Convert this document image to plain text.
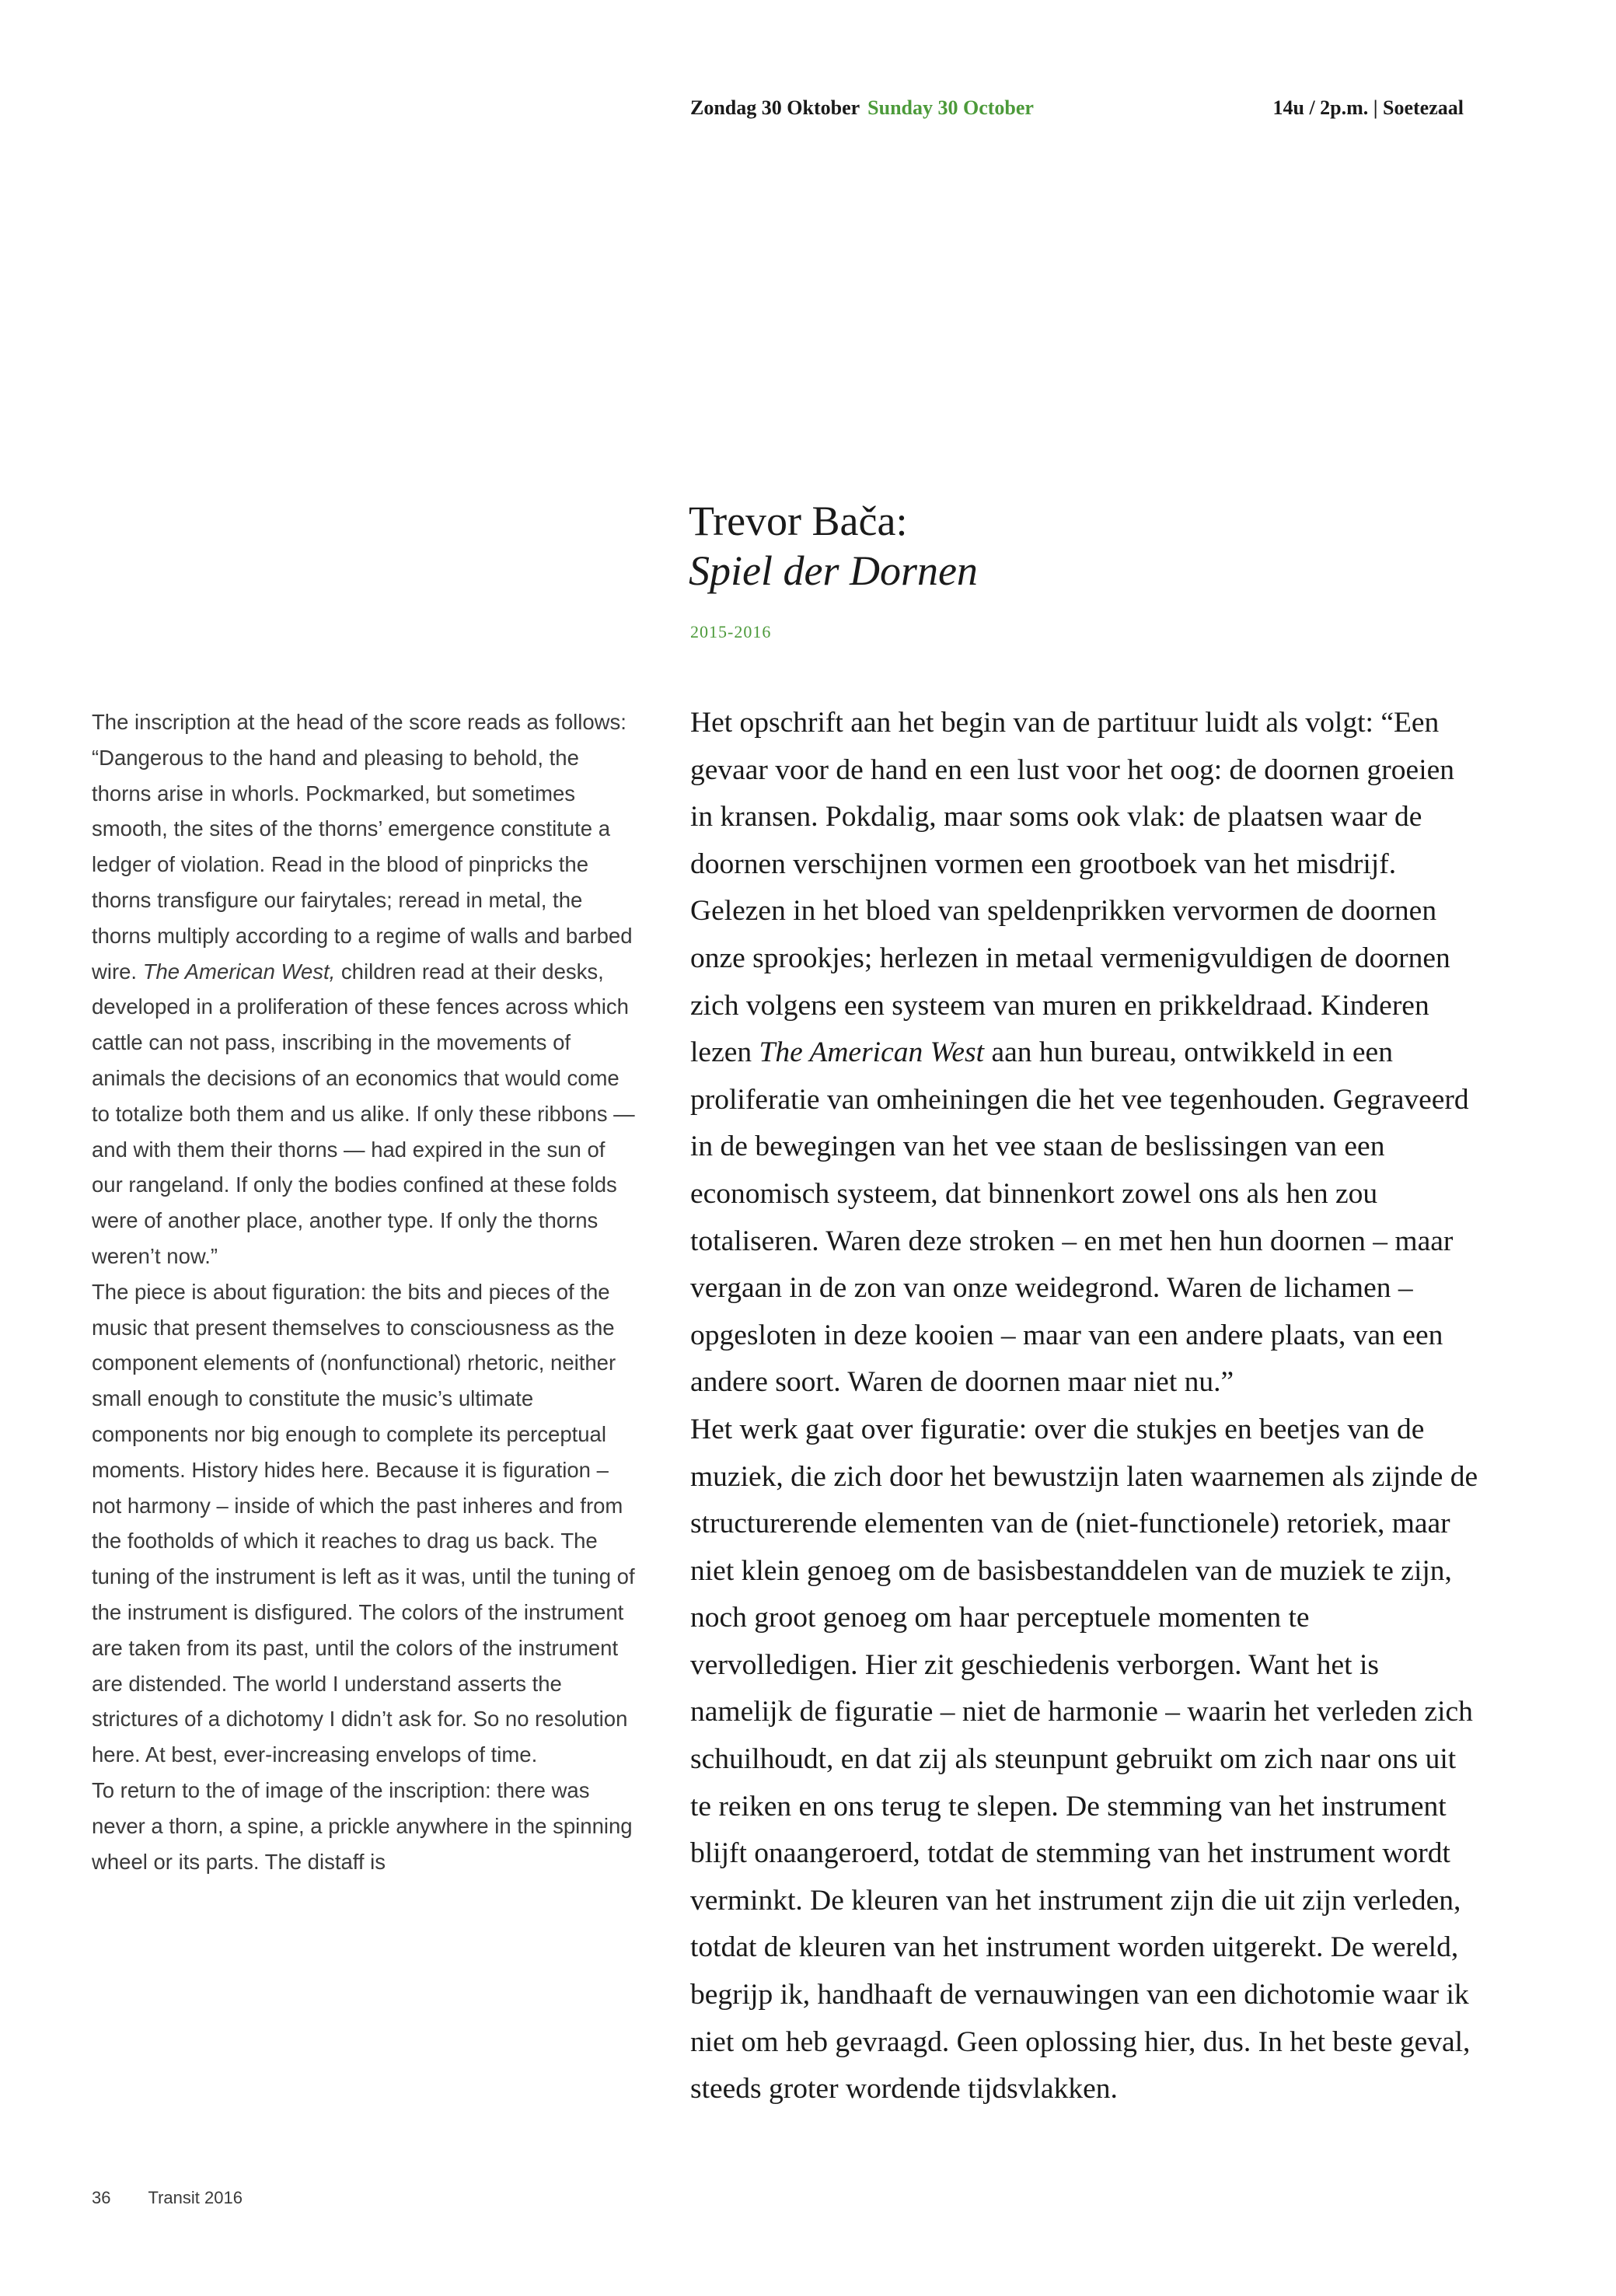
Zondag 30 Oktober Sunday 30 October	14u / 2p.m. | Soetezaal
Trevor Bača:
Spiel der Dornen
2015-2016

The inscription at the head of the score reads as follows: “Dangerous to the hand and pleasing to behold, the thorns arise in whorls. Pockmarked, but sometimes smooth, the sites of the thorns’ emergence constitute a ledger of violation. Read in the blood of pinpricks the thorns transfigure our fairytales; reread in metal, the thorns multiply according to a regime of walls and barbed wire. The American West, children read at their desks, developed in a proliferation of these fences across which cattle can not pass, inscribing in the movements of animals the decisions of an economics that would come to totalize both them and us alike. If only these ribbons — and with them their thorns — had expired in the sun of our rangeland. If only the bodies confined at these folds were of another place, another type. If only the thorns weren’t now.”

The piece is about figuration: the bits and pieces of the music that present themselves to consciousness as the component elements of (nonfunctional) rhetoric, neither small enough to constitute the music’s ultimate components nor big enough to complete its perceptual moments. History hides here. Because it is figuration – not harmony – inside of which the past inheres and from the footholds of which it reaches to drag us back. The tuning of the instrument is left as it was, until the tuning of the instrument is disfigured. The colors of the instrument are taken from its past, until the colors of the instrument are distended. The world I understand asserts the strictures of a dichotomy I didn’t ask for. So no resolution here. At best, ever-increasing envelops of time.

To return to the of image of the inscription: there was never a thorn, a spine, a prickle anywhere in the spinning wheel or its parts. The distaff is

Het opschrift aan het begin van de partituur luidt als volgt: “Een gevaar voor de hand en een lust voor het oog: de doornen groeien in kransen. Pokdalig, maar soms ook vlak: de plaatsen waar de doornen verschijnen vormen een grootboek van het misdrijf. Gelezen in het bloed van speldenprikken vervormen de doornen onze sprookjes; herlezen in metaal vermenigvuldigen de doornen zich volgens een systeem van muren en prikkeldraad. Kinderen lezen The American West aan hun bureau, ontwikkeld in een proliferatie van omheiningen die het vee tegenhouden. Gegraveerd in de bewegingen van het vee staan de beslissingen van een economisch systeem, dat binnenkort zowel ons als hen zou totaliseren. Waren deze stroken – en met hen hun doornen – maar vergaan in de zon van onze weidegrond. Waren de lichamen – opgesloten in deze kooien – maar van een andere plaats, van een andere soort. Waren de doornen maar niet nu.”

Het werk gaat over figuratie: over die stukjes en beetjes van de muziek, die zich door het bewustzijn laten waarnemen als zijnde de structurerende elementen van de (niet-functionele) retoriek, maar niet klein genoeg om de basisbestanddelen van de muziek te zijn, noch groot genoeg om haar perceptuele momenten te vervolledigen. Hier zit geschiedenis verborgen. Want het is namelijk de figuratie – niet de harmonie – waarin het verleden zich schuilhoudt, en dat zij als steunpunt gebruikt om zich naar ons uit te reiken en ons terug te slepen. De stemming van het instrument blijft onaangeroerd, totdat de stemming van het instrument wordt verminkt. De kleuren van het instrument zijn die uit zijn verleden, totdat de kleuren van het instrument worden uitgerekt. De wereld, begrijp ik, handhaaft de vernauwingen van een dichotomie waar ik niet om heb gevraagd. Geen oplossing hier, dus. In het beste geval, steeds groter wordende tijdsvlakken.

36 Transit 2016
